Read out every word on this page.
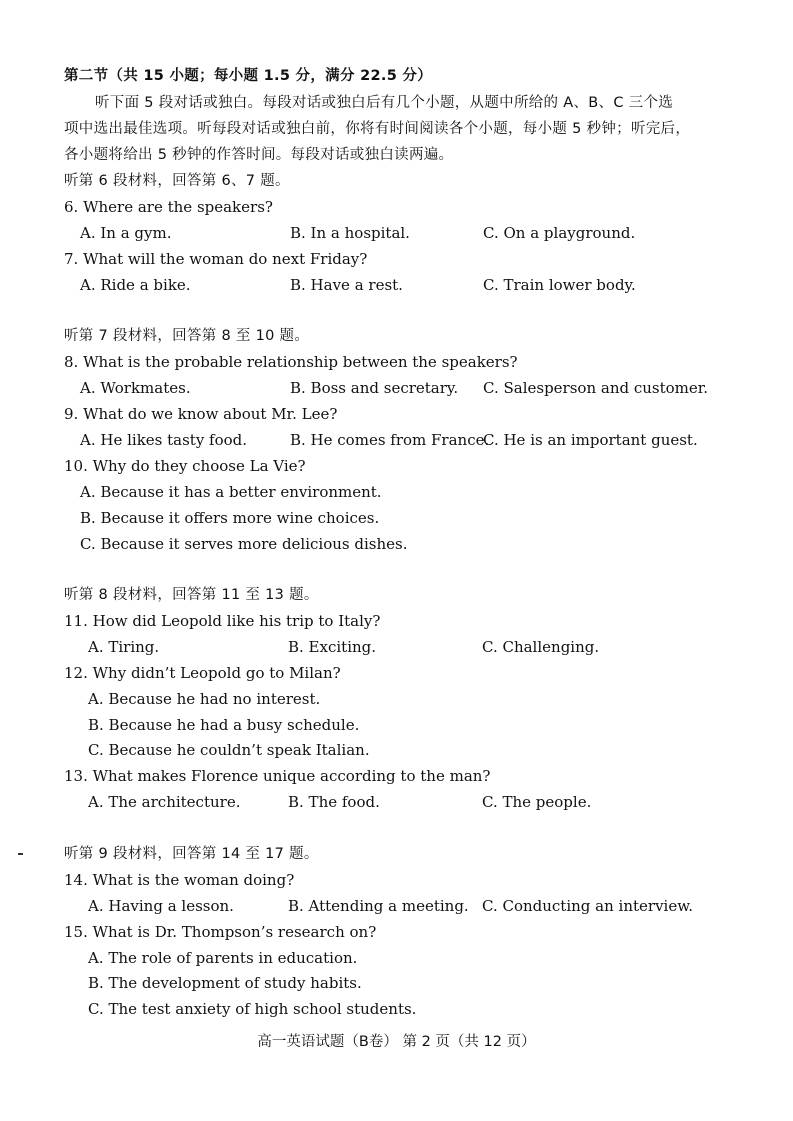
第二节（共 15 小题；每小题 1.5 分，满分 22.5 分）
听下面 5 段对话或独白。每段对话或独白后有几个小题，从题中所给的 A、B、C 三个选
项中选出最佳选项。听每段对话或独白前，你将有时间阅读各个小题，每小题 5 秒钟；听完后，
各小题将给出 5 秒钟的作答时间。每段对话或独白读两遍。
听第 6 段材料，回答第 6、7 题。
6. Where are the speakers?
A. In a gym.	B. In a hospital.	C. On a playground.
7. What will the woman do next Friday?
A. Ride a bike.	B. Have a rest.	C. Train lower body.
听第 7 段材料，回答第 8 至 10 题。
8. What is the probable relationship between the speakers?
A. Workmates.	B. Boss and secretary. C. Salesperson and customer.
9. What do we know about Mr. Lee?
A. He likes tasty food.	B. He comes from France.
C. He is an important guest.
10. Why do they choose La Vie?
A. Because it has a better environment.
B. Because it offers more wine choices.
C. Because it serves more delicious dishes.
听第 8 段材料，回答第 11 至 13 题。
11. How did Leopold like his trip to Italy?
A. Tiring.	B. Exciting.	C. Challenging.
12. Why didn’t Leopold go to Milan?
A. Because he had no interest.
B. Because he had a busy schedule.
C. Because he couldn’t speak Italian.
13. What makes Florence unique according to the man?
A. The architecture.	B. The food.	C. The people.
听第 9 段材料，回答第 14 至 17 题。
14. What is the woman doing?
A. Having a lesson.	B. Attending a meeting. C. Conducting an interview.
15. What is Dr. Thompson’s research on?
A. The role of parents in education.
B. The development of study habits.
C. The test anxiety of high school students.
高一英语试题（B卷） 第 2 页（共 12 页）
